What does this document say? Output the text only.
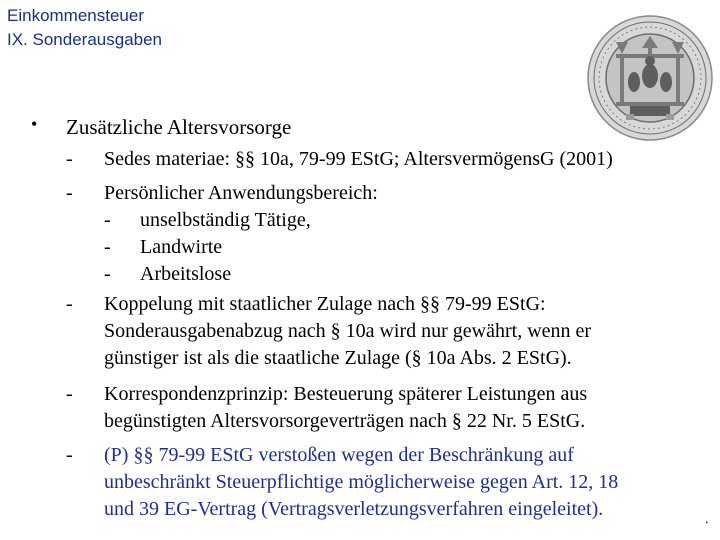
Einkommensteuer
IX. Sonderausgaben
• Zusätzliche Altersvorsorge
- Sedes materiae: §§ 10a, 79-99 EStG; AltersvermögensG (2001)
- Persönlicher Anwendungsbereich:
- unselbständig Tätige,
- Landwirte
- Arbeitslose
- Koppelung mit staatlicher Zulage nach §§ 79-99 EStG:
Sonderausgabenabzug nach § 10a wird nur gewährt, wenn er
günstiger ist als die staatliche Zulage (§ 10a Abs. 2 EStG).
- Korrespondenzprinzip: Besteuerung späterer Leistungen aus
begünstigten Altersvorsorgeverträgen nach § 22 Nr. 5 EStG.
- (P) §§ 79-99 EStG verstoßen wegen der Beschränkung auf
unbeschränkt Steuerpflichtige möglicherweise gegen Art. 12, 18
und 39 EG-Vertrag (Vertragsverletzungsverfahren eingeleitet).	.
